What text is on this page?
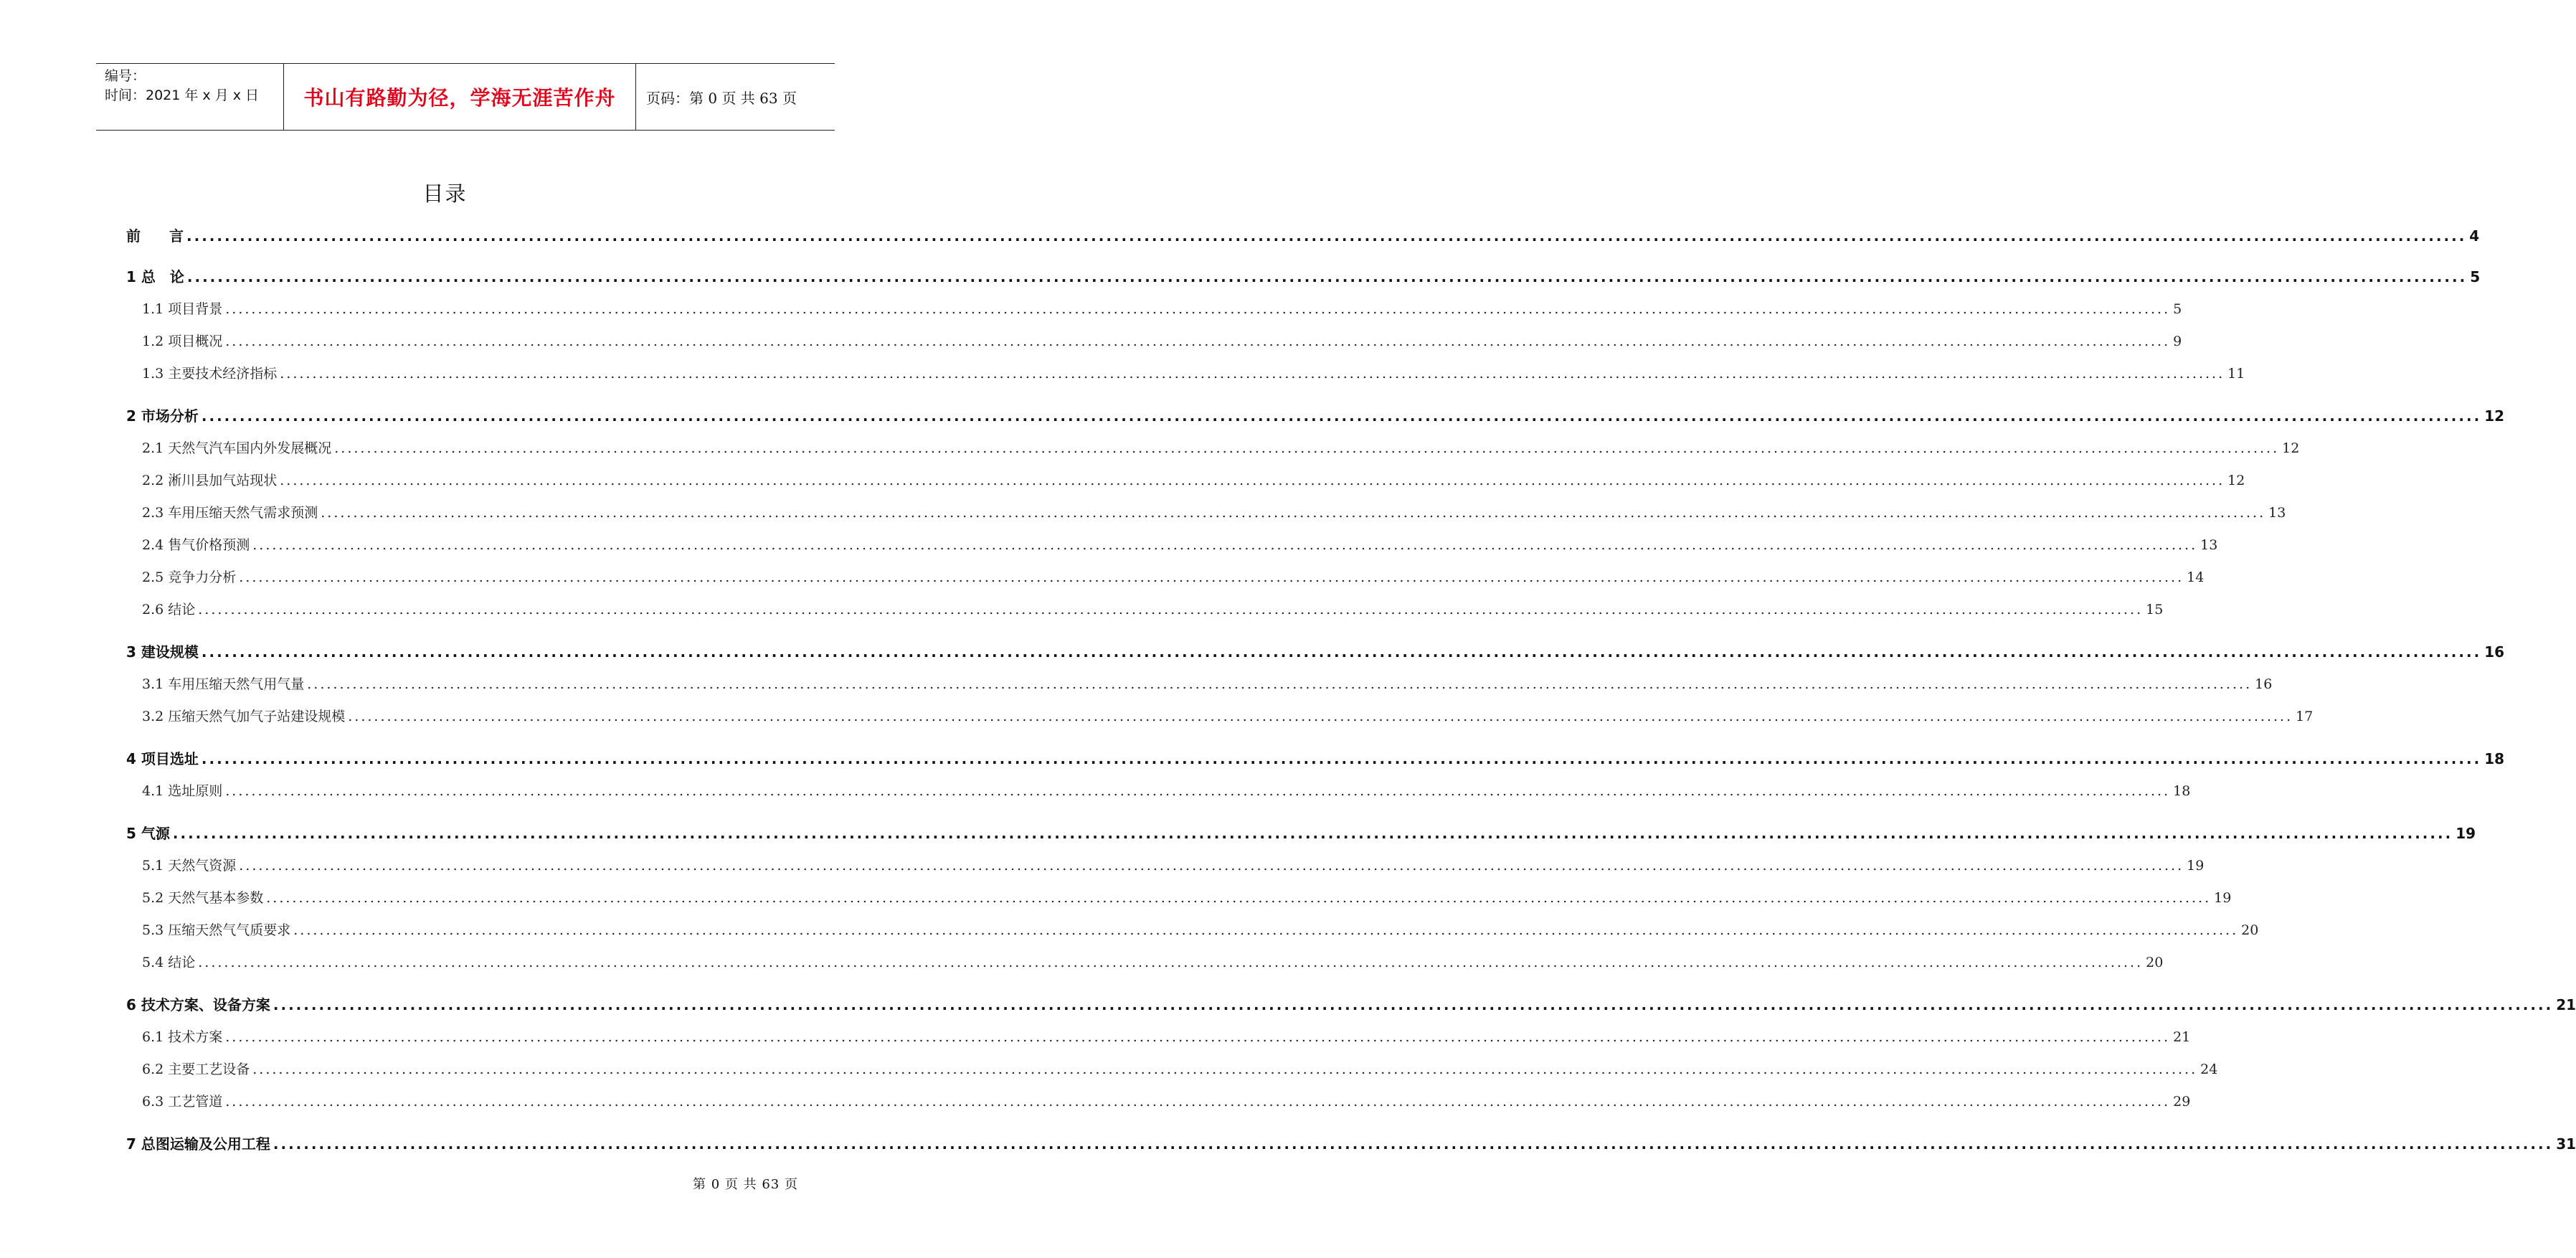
编号：
时间：2021 年 x 月 x 日	书山有路勤为径，学海无涯苦作舟	页码：第 0 页 共 63 页
目录
前　　言 ............................................................................................................................................................................................................................................................................................................ 4
1 总　论 ............................................................................................................................................................................................................................................................................................................ 5
1.1 项目背景 ............................................................................................................................................................................................................................................................................................................ 5
1.2 项目概况 ............................................................................................................................................................................................................................................................................................................ 9
1.3 主要技术经济指标 ............................................................................................................................................................................................................................................................................................................ 11
2 市场分析 ............................................................................................................................................................................................................................................................................................................ 12
2.1 天然气汽车国内外发展概况 ............................................................................................................................................................................................................................................................................................................ 12
2.2 淅川县加气站现状 ............................................................................................................................................................................................................................................................................................................ 12
2.3 车用压缩天然气需求预测 ............................................................................................................................................................................................................................................................................................................ 13
2.4 售气价格预测 ............................................................................................................................................................................................................................................................................................................ 13
2.5 竞争力分析 ............................................................................................................................................................................................................................................................................................................ 14
2.6 结论 ............................................................................................................................................................................................................................................................................................................ 15
3 建设规模 ............................................................................................................................................................................................................................................................................................................ 16
3.1 车用压缩天然气用气量 ............................................................................................................................................................................................................................................................................................................ 16
3.2 压缩天然气加气子站建设规模 ............................................................................................................................................................................................................................................................................................................ 17
4 项目选址 ............................................................................................................................................................................................................................................................................................................ 18
4.1 选址原则 ............................................................................................................................................................................................................................................................................................................ 18
5 气源 ............................................................................................................................................................................................................................................................................................................ 19
5.1 天然气资源 ............................................................................................................................................................................................................................................................................................................ 19
5.2 天然气基本参数 ............................................................................................................................................................................................................................................................................................................ 19
5.3 压缩天然气气质要求 ............................................................................................................................................................................................................................................................................................................ 20
5.4 结论 ............................................................................................................................................................................................................................................................................................................ 20
6 技术方案、设备方案 ............................................................................................................................................................................................................................................................................................................ 21
6.1 技术方案 ............................................................................................................................................................................................................................................................................................................ 21
6.2 主要工艺设备 ............................................................................................................................................................................................................................................................................................................ 24
6.3 工艺管道 ............................................................................................................................................................................................................................................................................................................ 29
7 总图运输及公用工程 ............................................................................................................................................................................................................................................................................................................ 31
第 0 页 共 63 页
